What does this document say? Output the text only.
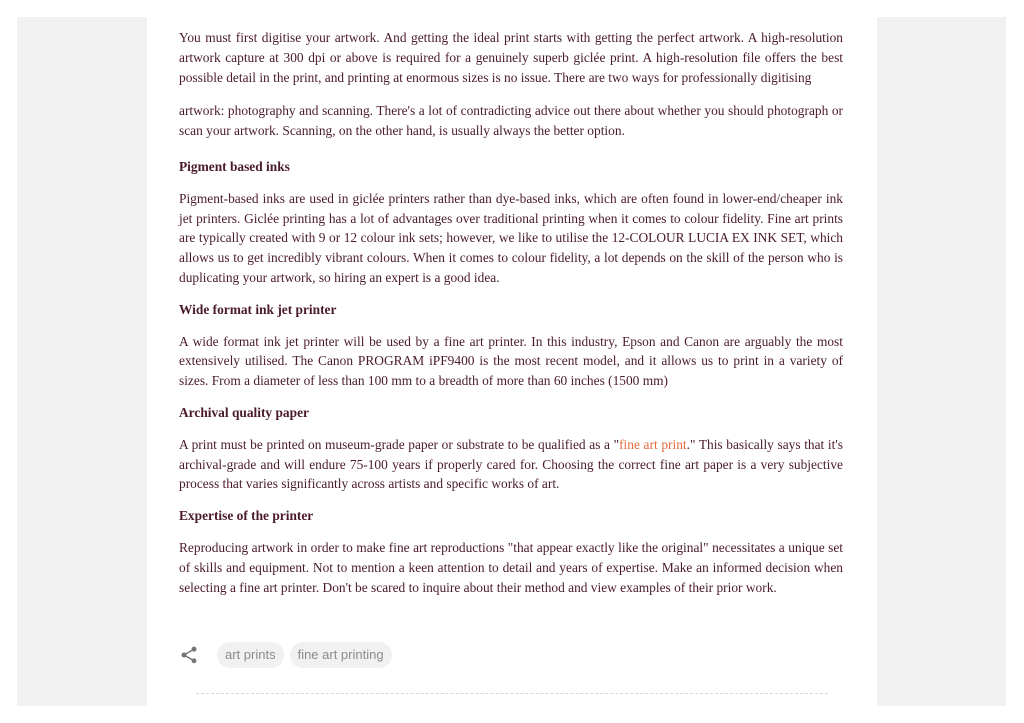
You must first digitise your artwork. And getting the ideal print starts with getting the perfect artwork. A high-resolution artwork capture at 300 dpi or above is required for a genuinely superb giclée print. A high-resolution file offers the best possible detail in the print, and printing at enormous sizes is no issue. There are two ways for professionally digitising

artwork: photography and scanning. There's a lot of contradicting advice out there about whether you should photograph or scan your artwork. Scanning, on the other hand, is usually always the better option.

Pigment based inks

Pigment-based inks are used in giclée printers rather than dye-based inks, which are often found in lower-end/cheaper ink jet printers. Giclée printing has a lot of advantages over traditional printing when it comes to colour fidelity. Fine art prints are typically created with 9 or 12 colour ink sets; however, we like to utilise the 12-COLOUR LUCIA EX INK SET, which allows us to get incredibly vibrant colours. When it comes to colour fidelity, a lot depends on the skill of the person who is duplicating your artwork, so hiring an expert is a good idea.

Wide format ink jet printer

A wide format ink jet printer will be used by a fine art printer. In this industry, Epson and Canon are arguably the most extensively utilised. The Canon PROGRAM iPF9400 is the most recent model, and it allows us to print in a variety of sizes. From a diameter of less than 100 mm to a breadth of more than 60 inches (1500 mm)

Archival quality paper

A print must be printed on museum-grade paper or substrate to be qualified as a "fine art print." This basically says that it's archival-grade and will endure 75-100 years if properly cared for. Choosing the correct fine art paper is a very subjective process that varies significantly across artists and specific works of art.

Expertise of the printer

Reproducing artwork in order to make fine art reproductions "that appear exactly like the original" necessitates a unique set of skills and equipment. Not to mention a keen attention to detail and years of expertise. Make an informed decision when selecting a fine art printer. Don't be scared to inquire about their method and view examples of their prior work.

art prints	fine art printing
